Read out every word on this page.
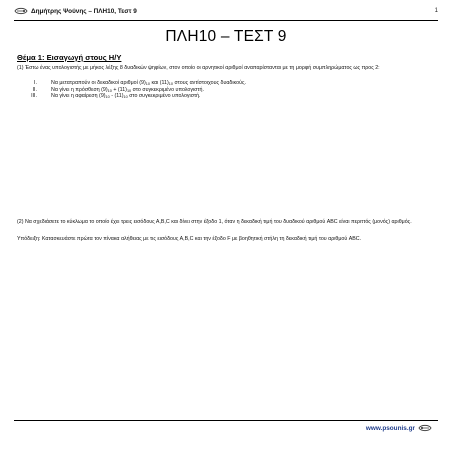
Δημήτρης Ψούνης – ΠΛΗ10, Τεστ 9	1
ΠΛΗ10 – ΤΕΣΤ 9
Θέμα 1: Εισαγωγή στους Η/Υ
(1) Έστω ένας υπολογιστής με μήκος λέξης 8 δυαδικών ψηφίων, στον οποίο οι αρνητικοί αριθμοί αναπαρίστανται με τη μορφή συμπληρώματος ως προς 2:
I.	Να μετατραπούν οι δεκαδικοί αριθμοί $(9)_{10}$ και $(11)_{10}$ στους αντίστοιχους δυαδικούς.
II.	Να γίνει η πρόσθεση $(9)_{10} + (11)_{10}$ στο συγκεκριμένο υπολογιστή.
III.	Να γίνει η αφαίρεση $(9)_{10} - (11)_{10}$ στο συγκεκριμένο υπολογιστή.
(2) Να σχεδιάσετε το κύκλωμα το οποίο έχει τρεις εισόδους Α,Β,C και δίνει στην έξοδο 1, όταν η δεκαδική τιμή του δυαδικού αριθμού ABC είναι περιττός (μονός) αριθμός.
Υπόδειξη: Κατασκευάστε πρώτα τον πίνακα αλήθειας με τις εισόδους Α,Β,C και την έξοδο F με βοηθητική στήλη τη δεκαδική τιμή του αριθμού ABC.
www.psounis.gr
